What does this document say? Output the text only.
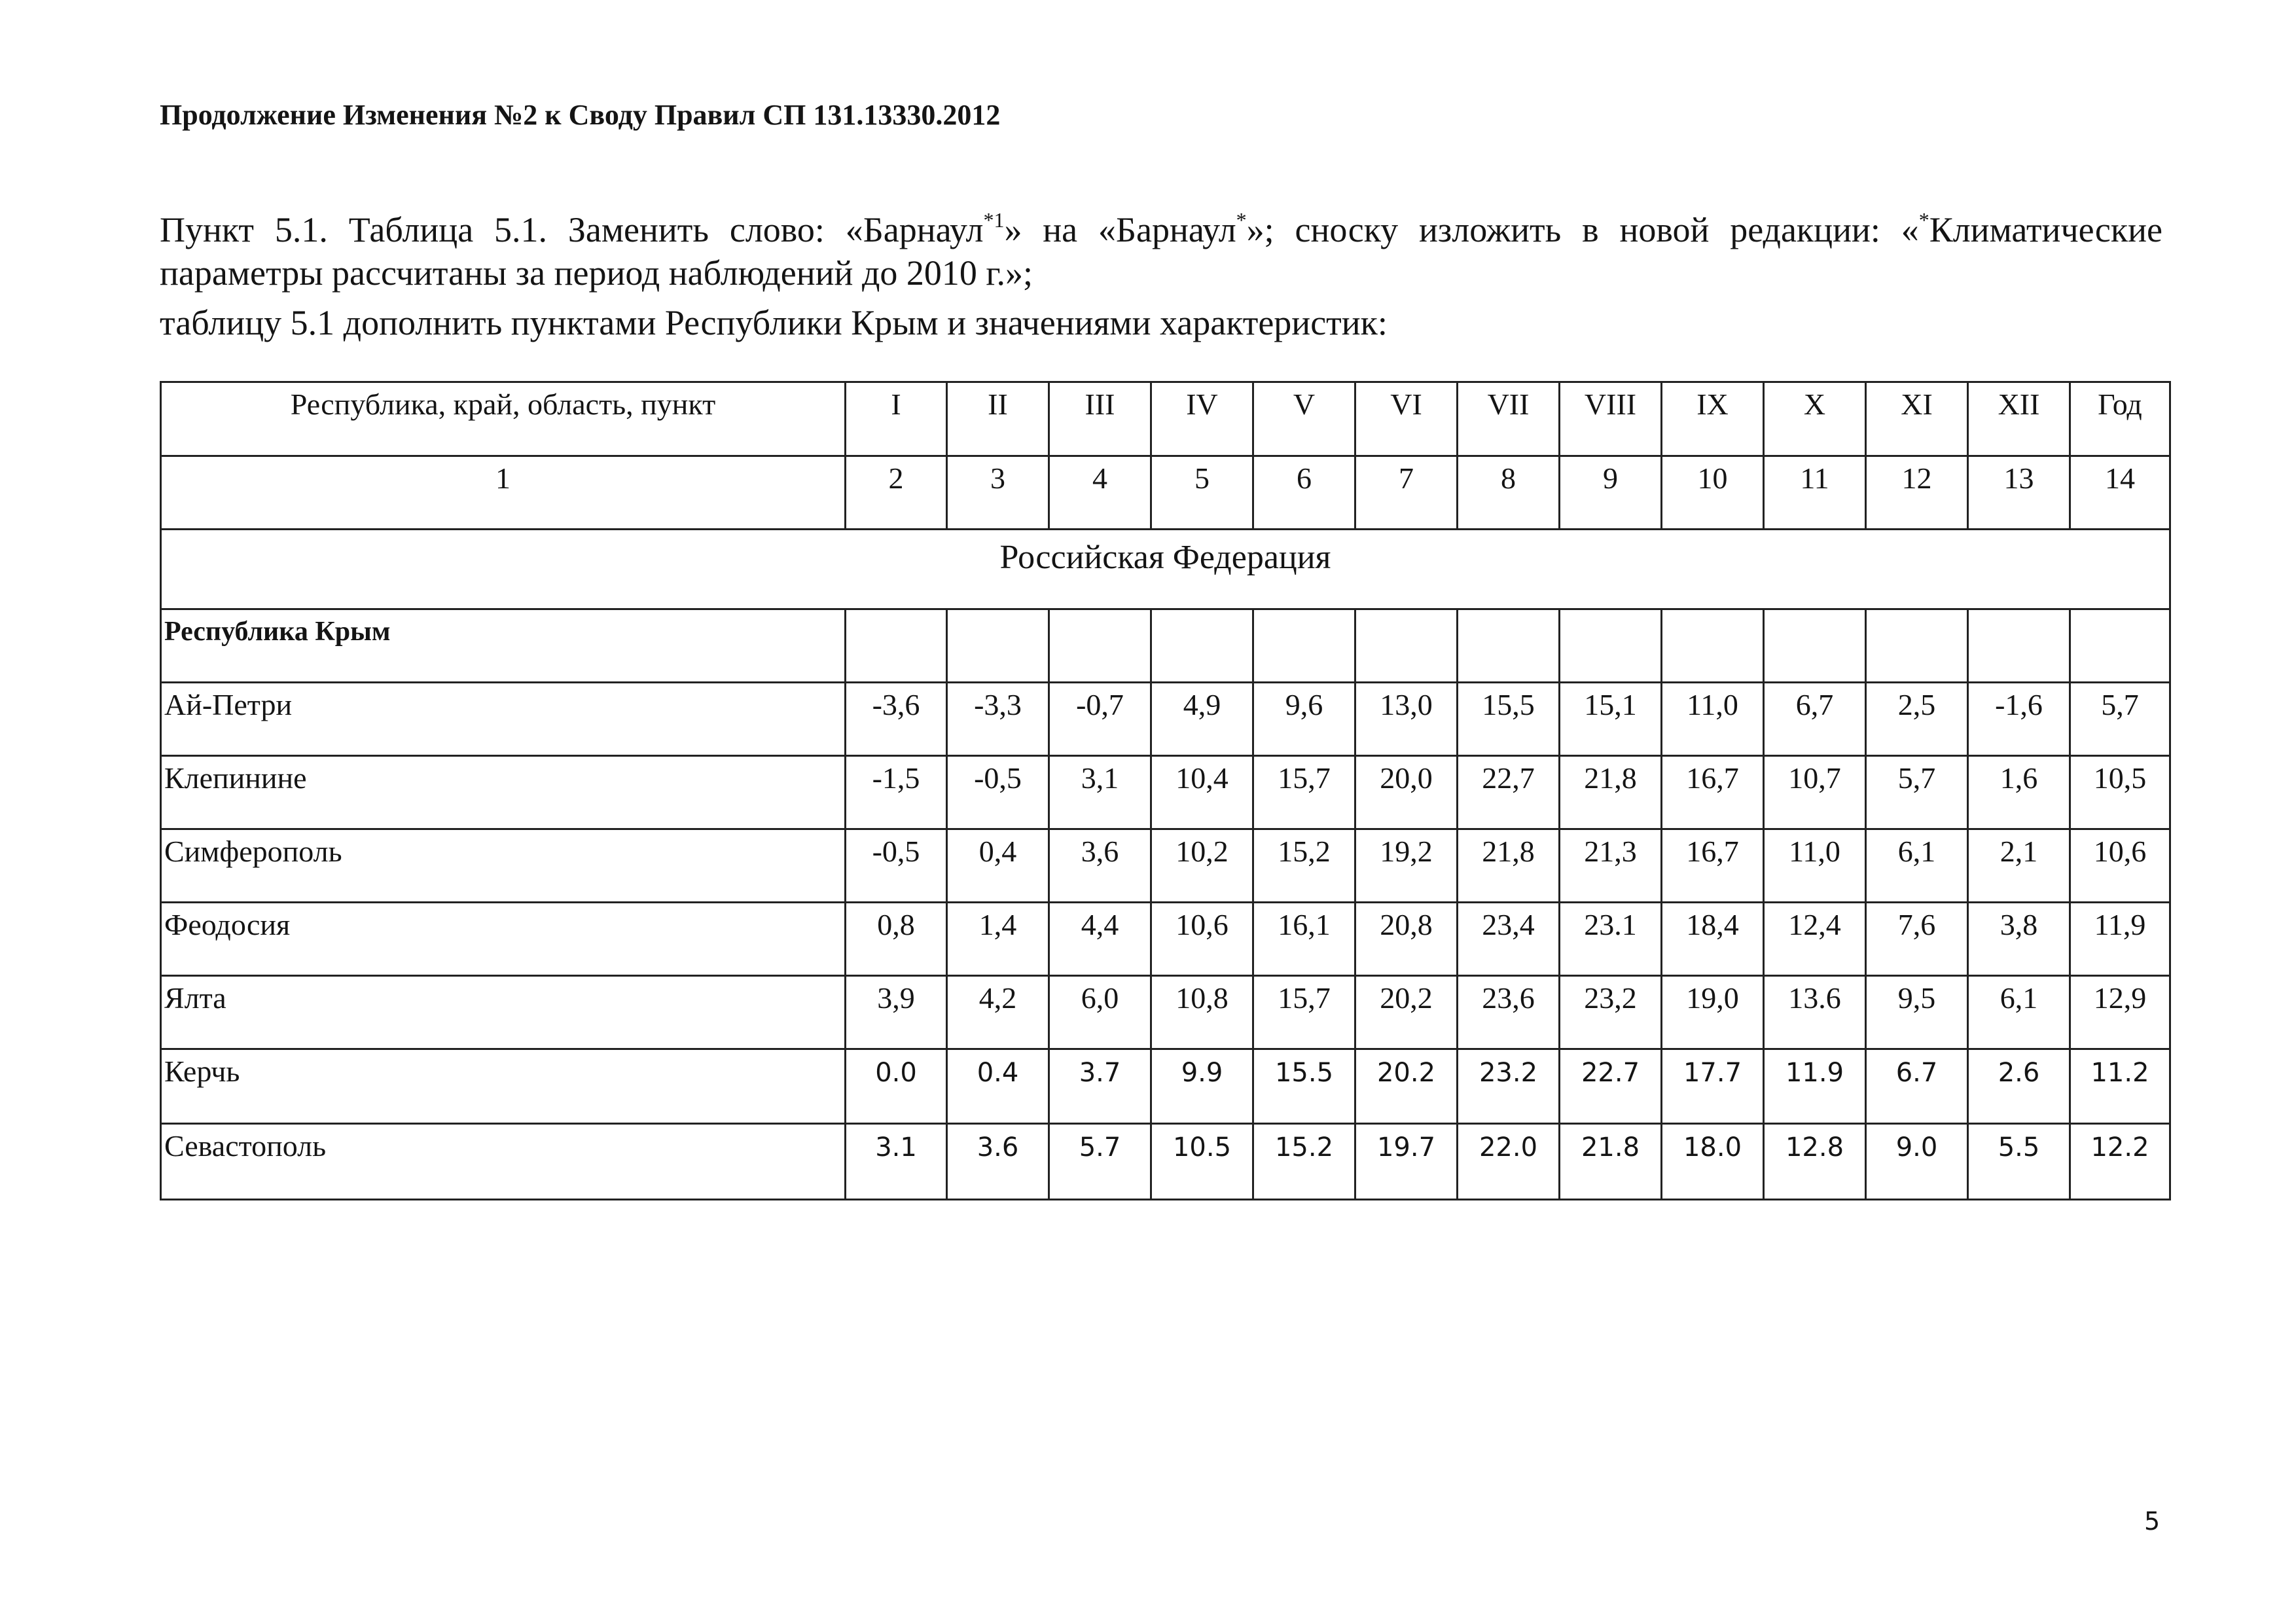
Продолжение Изменения №2 к Своду Правил СП 131.13330.2012
Пункт 5.1. Таблица 5.1. Заменить слово: «Барнаул$^{*1}$» на «Барнаул*»; сноску изложить в новой редакции: «*Климатические параметры рассчитаны за период наблюдений до 2010 г.»;
таблицу 5.1 дополнить пунктами Республики Крым и значениями характеристик:
Республика, край, область, пункт	I	II	III	IV	V	VI	VII	VIII	IX	X	XI	XII	Год
1	2	3	4	5	6	7	8	9	10	11	12	13	14
Российская Федерация													
Республика Крым													
Ай-Петри	-3,6	-3,3	-0,7	4,9	9,6	13,0	15,5	15,1	11,0	6,7	2,5	-1,6	5,7
Клепинине	-1,5	-0,5	3,1	10,4	15,7	20,0	22,7	21,8	16,7	10,7	5,7	1,6	10,5
Симферополь	-0,5	0,4	3,6	10,2	15,2	19,2	21,8	21,3	16,7	11,0	6,1	2,1	10,6
Феодосия	0,8	1,4	4,4	10,6	16,1	20,8	23,4	23.1	18,4	12,4	7,6	3,8	11,9
Ялта	3,9	4,2	6,0	10,8	15,7	20,2	23,6	23,2	19,0	13.6	9,5	6,1	12,9
Керчь	0.0	0.4	3.7	9.9	15.5	20.2	23.2	22.7	17.7	11.9	6.7	2.6	11.2
Севастополь	3.1	3.6	5.7	10.5	15.2	19.7	22.0	21.8	18.0	12.8	9.0	5.5	12.2
5
